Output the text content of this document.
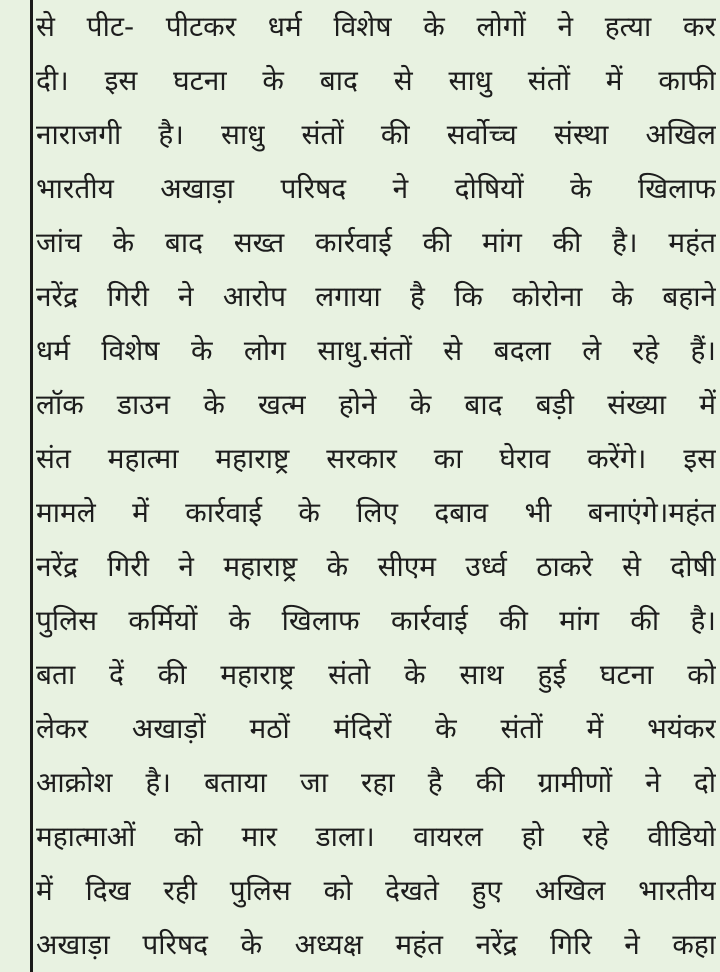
से पीट- पीटकर धर्म विशेष के लोगों ने हत्या कर
दी। इस घटना के बाद से साधु संतों में काफी
नाराजगी है। साधु संतों की सर्वोच्च संस्था अखिल
भारतीय अखाड़ा परिषद ने दोषियों के खिलाफ
जांच के बाद सख्त कार्रवाई की मांग की है। महंत
नरेंद्र गिरी ने आरोप लगाया है कि कोरोना के बहाने
धर्म विशेष के लोग साधु.संतों से बदला ले रहे हैं।
लॉक डाउन के खत्म होने के बाद बड़ी संख्या में
संत महात्मा महाराष्ट्र सरकार का घेराव करेंगे। इस
मामले में कार्रवाई के लिए दबाव भी बनाएंगे।महंत
नरेंद्र गिरी ने महाराष्ट्र के सीएम उर्ध्व ठाकरे से दोषी
पुलिस कर्मियों के खिलाफ कार्रवाई की मांग की है।
बता दें की महाराष्ट्र संतो के साथ हुई घटना को
लेकर अखाड़ों मठों मंदिरों के संतों में भयंकर
आक्रोश है। बताया जा रहा है की ग्रामीणों ने दो
महात्माओं को मार डाला। वायरल हो रहे वीडियो
में दिख रही पुलिस को देखते हुए अखिल भारतीय
अखाड़ा परिषद के अध्यक्ष महंत नरेंद्र गिरि ने कहा
